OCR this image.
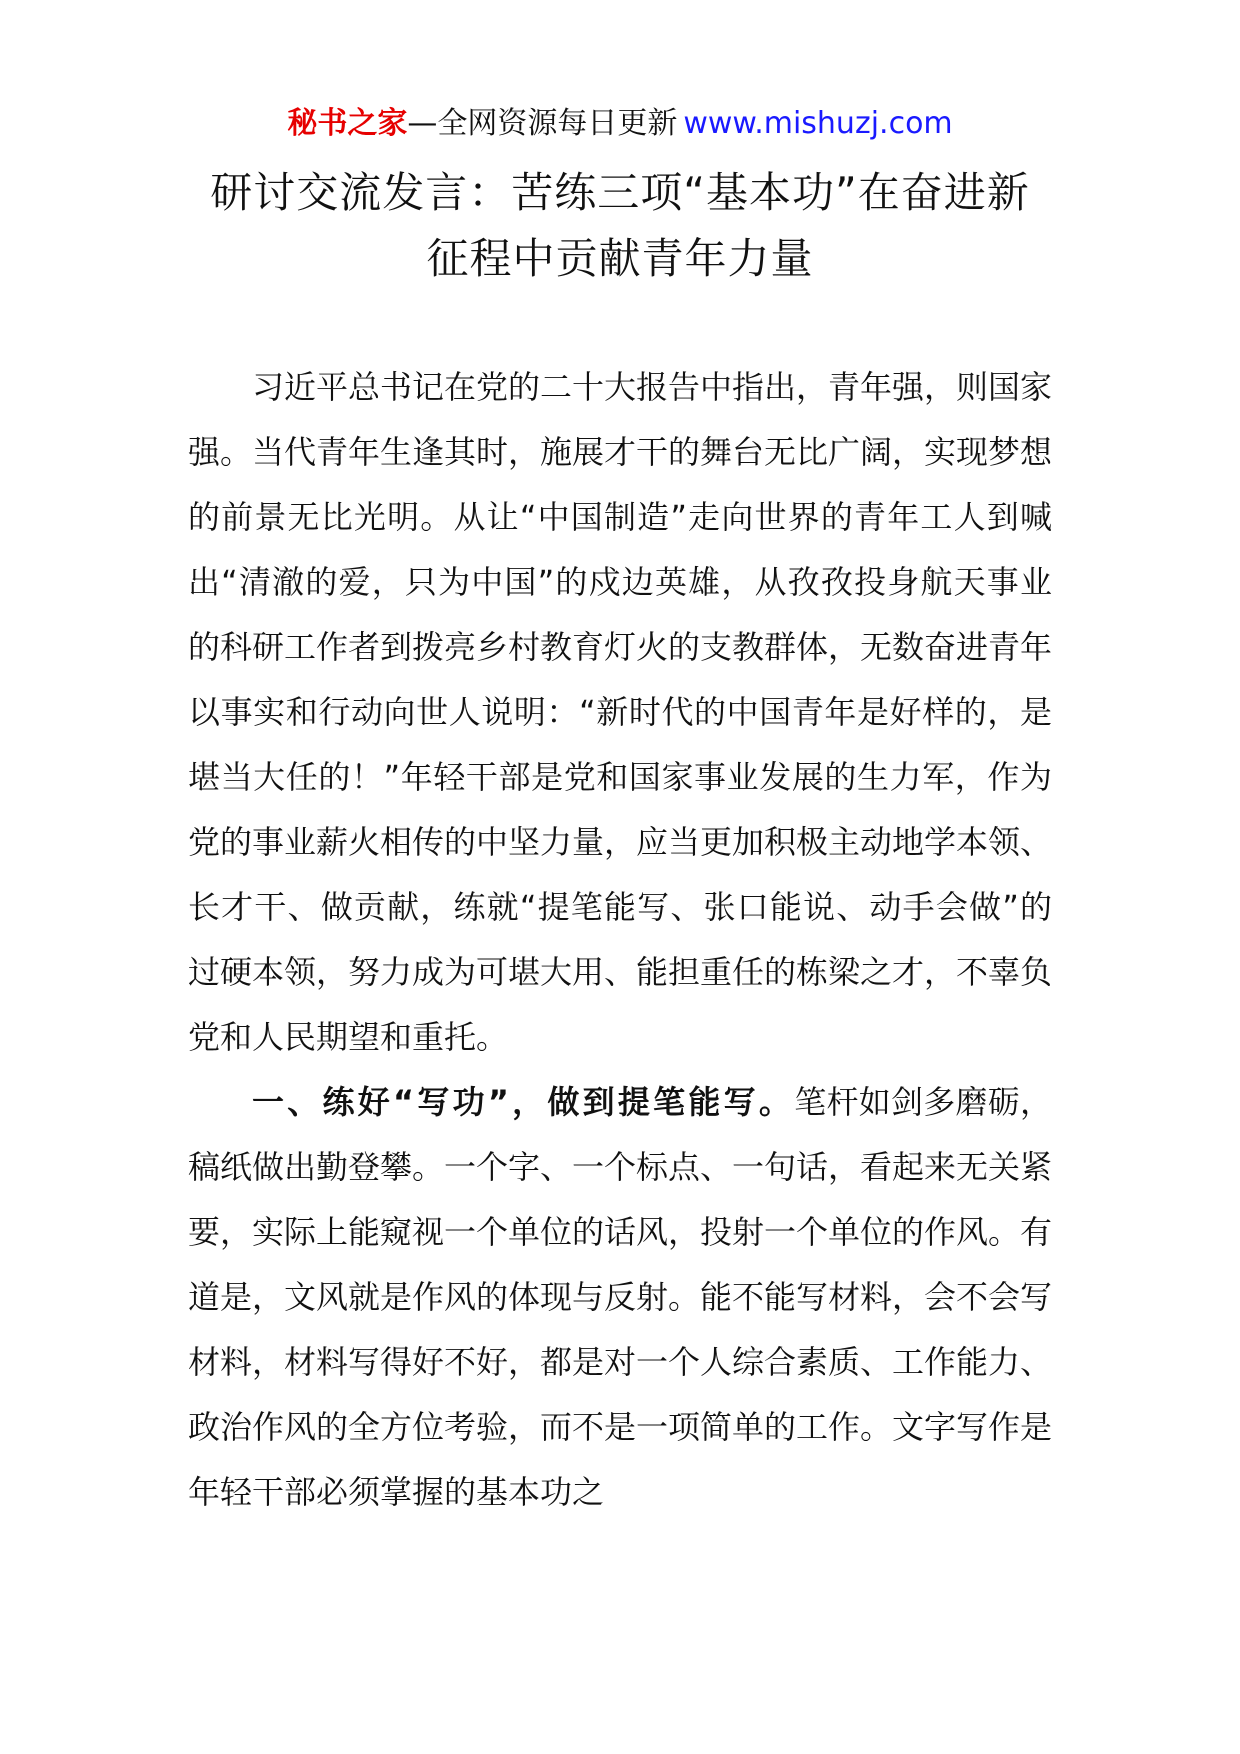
秘书之家—全网资源每日更新 www.mishuzj.com
研讨交流发言：苦练三项“基本功”在奋进新征程中贡献青年力量

习近平总书记在党的二十大报告中指出，青年强，则国家强。当代青年生逢其时，施展才干的舞台无比广阔，实现梦想的前景无比光明。从让“中国制造”走向世界的青年工人到喊出“清澈的爱，只为中国”的戍边英雄，从孜孜投身航天事业的科研工作者到拨亮乡村教育灯火的支教群体，无数奋进青年以事实和行动向世人说明：“新时代的中国青年是好样的，是堪当大任的！”年轻干部是党和国家事业发展的生力军，作为党的事业薪火相传的中坚力量，应当更加积极主动地学本领、长才干、做贡献，练就“提笔能写、张口能说、动手会做”的过硬本领，努力成为可堪大用、能担重任的栋梁之才，不辜负党和人民期望和重托。

一、练好“写功”，做到提笔能写。笔杆如剑多磨砺，稿纸做出勤登攀。一个字、一个标点、一句话，看起来无关紧要，实际上能窥视一个单位的话风，投射一个单位的作风。有道是，文风就是作风的体现与反射。能不能写材料，会不会写材料，材料写得好不好，都是对一个人综合素质、工作能力、政治作风的全方位考验，而不是一项简单的工作。文字写作是年轻干部必须掌握的基本功之
